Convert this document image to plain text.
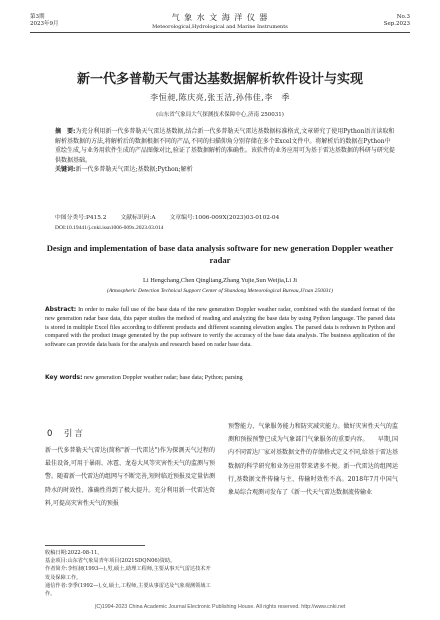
第3期
2023年9月
气 象 水 文 海 洋 仪 器
Meteorological,Hydrological and Marine Instruments
No.3
Sep.2023
新一代多普勒天气雷达基数据解析软件设计与实现
李恒昶,陈庆亮,张玉洁,孙伟佳,李　季
(山东省气象局大气探测技术保障中心,济南 250031)
摘　要:为充分利用新一代多普勒天气雷达基数据,结合新一代多普勒天气雷达基数据标准格式,文章研究了使用Python语言读取和解析基数据的方法,将解析后的数据根据不同的产品,不同的扫描仰角分别存储在多个Excel文件中。将解析后的数据在Python中重绘生成,与业务用软件生成的产品图像对比,验证了基数据解析的准确性。该软件的业务应用可为基于雷达基数据的科研与研究提供数据基础。
关键词:新一代多普勒天气雷达;基数据;Python;解析
中图分类号:P415.2 文献标识码:A 文章编号:1006-009X(2023)03-0102-04
DOI:10.19441/j.cnki.issn1006-009x.2023.03.014
Design and implementation of base data analysis software for new generation Doppler weather radar
Li Hengchang,Chen Qingliang,Zhang Yujie,Sun Weijia,Li Ji
(Atmospheric Detection Technical Support Center of Shandong Meteorological Bureau,Ji'nan 250031)
Abstract: In order to make full use of the base data of the new generation Doppler weather radar, combined with the standard format of the new generation radar base data, this paper studies the method of reading and analyzing the base data by using Python language. The parsed data is stored in multiple Excel files according to different products and different scanning elevation angles. The parsed data is redrawn in Python and compared with the product image generated by the pup software to verify the accuracy of the base data analysis. The business application of the software can provide data basis for the analysis and research based on radar base data.
Key words: new generation Doppler weather radar; base data; Python; parsing
0 引言
新一代多普勒天气雷达(简称"新一代雷达")作为探测天气过程的最佳设备,可用于暴雨、冰雹、龙卷大风等灾害性天气的监测与预警。随着新一代雷达的组网与不断完善,短时临近预报及定量估测降水的时效性、准确性得到了极大提升。充分利用新一代雷达资料,可提高灾害性天气的预报
预警能力、气象服务能力和防灾减灾能力。做好灾害性天气的监测和预报预警已成为气象部门气象服务的重要内容。　　早期,国内不同雷达厂家对基数据文件的存储格式定义不同,给基于雷达基数据的科学研究和业务应用带来诸多不便。新一代雷达的组网运行,基数据文件传输与主、传输时效性不高。2018年7月中国气象局综合观测司发布了《新一代天气雷达数据流传输业
收稿日期:2022-08-11。
基金项目:山东省气象局青年项目(2021SDQN06)资助。
作者简介:李恒昶(1993—),男,硕士,助理工程师,主要从事天气雷达技术开发及保障工作。
通信作者:李季(1992—),女,硕士,工程师,主要从事雷达及气象观测领域工作。
(C)1994-2023 China Academic Journal Electronic Publishing House. All rights reserved. http://www.cnki.net
